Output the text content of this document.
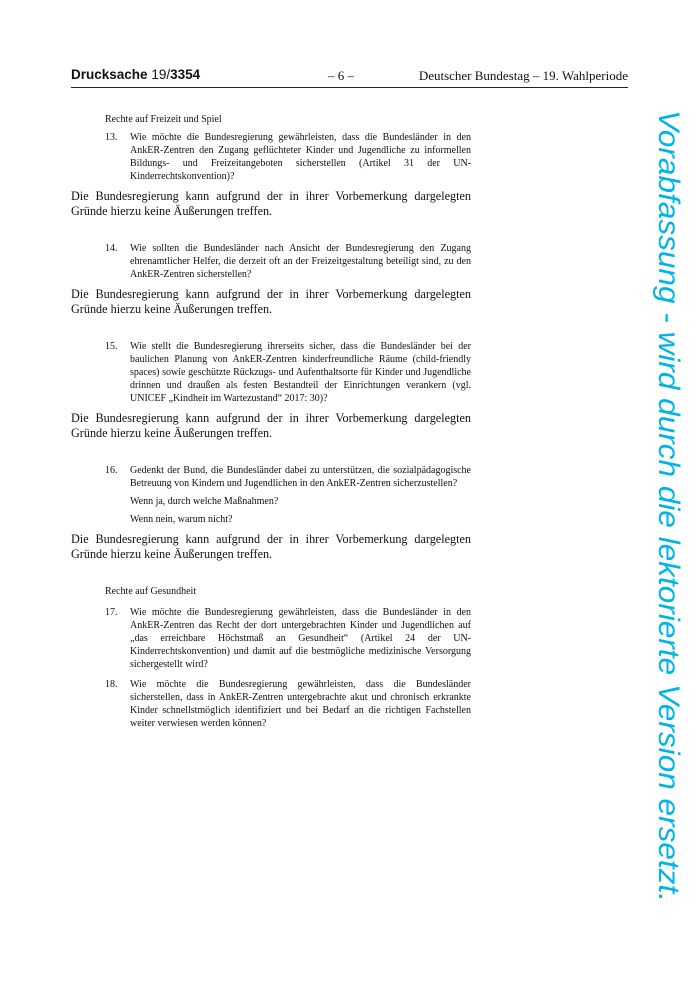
Drucksache 19/3354	– 6 –	Deutscher Bundestag – 19. Wahlperiode
Rechte auf Freizeit und Spiel
13. Wie möchte die Bundesregierung gewährleisten, dass die Bundesländer in den AnkER-Zentren den Zugang geflüchteter Kinder und Jugendliche zu informellen Bildungs- und Freizeitangeboten sicherstellen (Artikel 31 der UN-Kinderrechtskonvention)?

Die Bundesregierung kann aufgrund der in ihrer Vorbemerkung dargelegten Gründe hierzu keine Äußerungen treffen.

14. Wie sollten die Bundesländer nach Ansicht der Bundesregierung den Zugang ehrenamtlicher Helfer, die derzeit oft an der Freizeitgestaltung beteiligt sind, zu den AnkER-Zentren sicherstellen?

Die Bundesregierung kann aufgrund der in ihrer Vorbemerkung dargelegten Gründe hierzu keine Äußerungen treffen.

15. Wie stellt die Bundesregierung ihrerseits sicher, dass die Bundesländer bei der baulichen Planung von AnkER-Zentren kinderfreundliche Räume (child-friendly spaces) sowie geschützte Rückzugs- und Aufenthaltsorte für Kinder und Jugendliche drinnen und draußen als festen Bestandteil der Einrichtungen verankern (vgl. UNICEF „Kindheit im Wartezustand“ 2017: 30)?

Die Bundesregierung kann aufgrund der in ihrer Vorbemerkung dargelegten Gründe hierzu keine Äußerungen treffen.

16. Gedenkt der Bund, die Bundesländer dabei zu unterstützen, die sozialpädagogische Betreuung von Kindern und Jugendlichen in den AnkER-Zentren sicherzustellen?

Wenn ja, durch welche Maßnahmen?

Wenn nein, warum nicht?

Die Bundesregierung kann aufgrund der in ihrer Vorbemerkung dargelegten Gründe hierzu keine Äußerungen treffen.

Rechte auf Gesundheit
17. Wie möchte die Bundesregierung gewährleisten, dass die Bundesländer in den AnkER-Zentren das Recht der dort untergebrachten Kinder und Jugendlichen auf „das erreichbare Höchstmaß an Gesundheit“ (Artikel 24 der UN-Kinderrechtskonvention) und damit auf die bestmögliche medizinische Versorgung sichergestellt wird?

18. Wie möchte die Bundesregierung gewährleisten, dass die Bundesländer sicherstellen, dass in AnkER-Zentren untergebrachte akut und chronisch erkrankte Kinder schnellstmöglich identifiziert und bei Bedarf an die richtigen Fachstellen weiter verwiesen werden können?	Vorabfassung - wird durch die lektorierte Version ersetzt.
